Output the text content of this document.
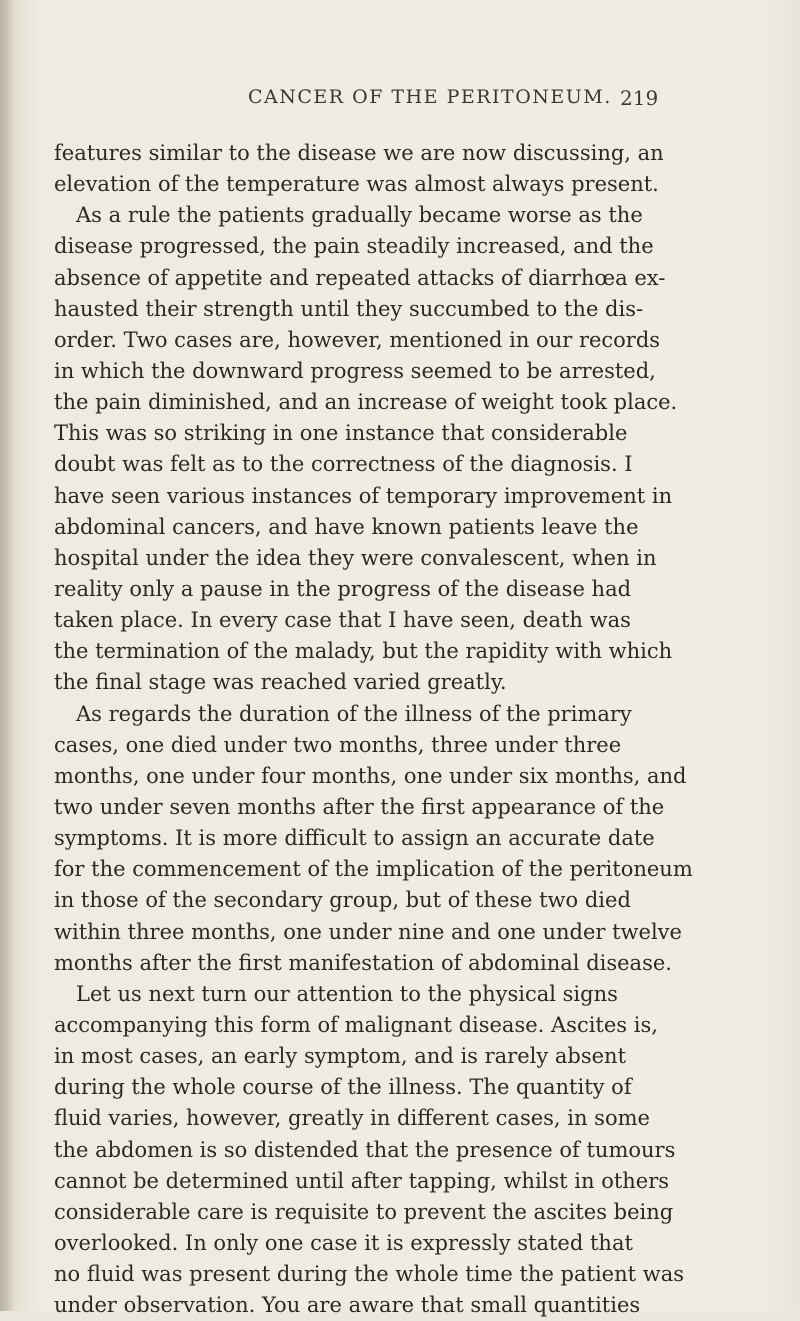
CANCER OF THE PERITONEUM. 219
features similar to the disease we are now discussing, an
elevation of the temperature was almost always present.
As a rule the patients gradually became worse as the
disease progressed, the pain steadily increased, and the
absence of appetite and repeated attacks of diarrhœa ex-
hausted their strength until they succumbed to the dis-
order. Two cases are, however, mentioned in our records
in which the downward progress seemed to be arrested,
the pain diminished, and an increase of weight took place.
This was so striking in one instance that considerable
doubt was felt as to the correctness of the diagnosis. I
have seen various instances of temporary improvement in
abdominal cancers, and have known patients leave the
hospital under the idea they were convalescent, when in
reality only a pause in the progress of the disease had
taken place. In every case that I have seen, death was
the termination of the malady, but the rapidity with which
the final stage was reached varied greatly.
As regards the duration of the illness of the primary
cases, one died under two months, three under three
months, one under four months, one under six months, and
two under seven months after the first appearance of the
symptoms. It is more difficult to assign an accurate date
for the commencement of the implication of the peritoneum
in those of the secondary group, but of these two died
within three months, one under nine and one under twelve
months after the first manifestation of abdominal disease.
Let us next turn our attention to the physical signs
accompanying this form of malignant disease. Ascites is,
in most cases, an early symptom, and is rarely absent
during the whole course of the illness. The quantity of
fluid varies, however, greatly in different cases, in some
the abdomen is so distended that the presence of tumours
cannot be determined until after tapping, whilst in others
considerable care is requisite to prevent the ascites being
overlooked. In only one case it is expressly stated that
no fluid was present during the whole time the patient was
under observation. You are aware that small quantities
